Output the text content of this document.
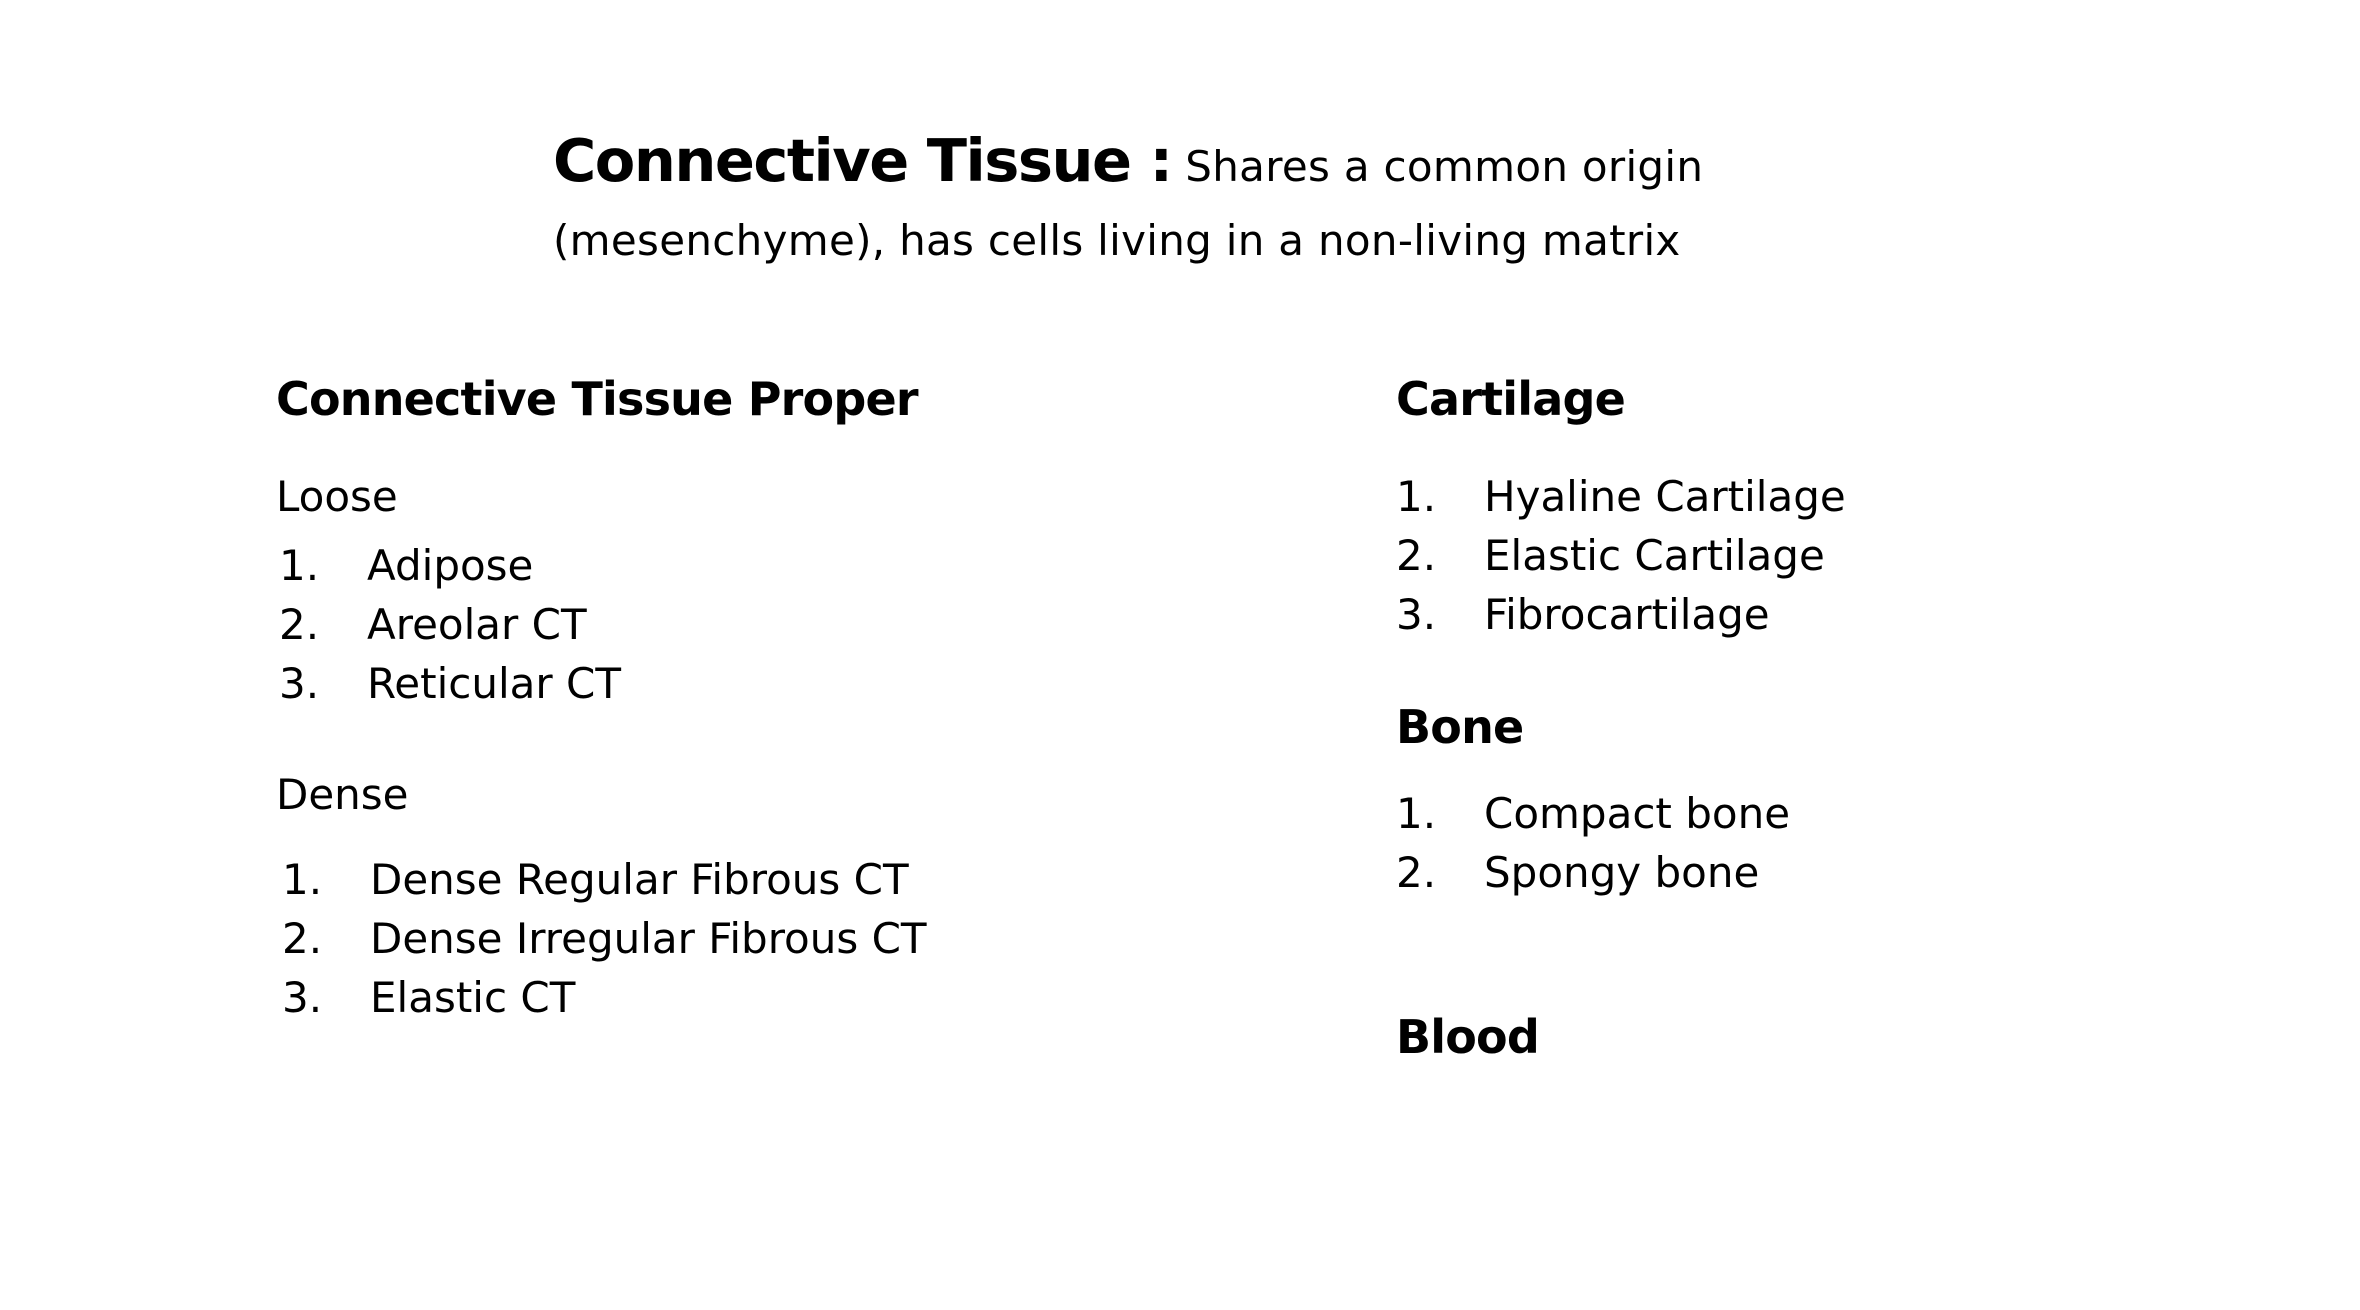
Connective Tissue : Shares a common origin
(mesenchyme), has cells living in a non-living matrix
Connective Tissue Proper
Loose
1. Adipose
2. Areolar CT
3. Reticular CT
Dense
1. Dense Regular Fibrous CT
2. Dense Irregular Fibrous CT
3. Elastic CT
Cartilage
1. Hyaline Cartilage
2. Elastic Cartilage
3. Fibrocartilage
Bone
1. Compact bone
2. Spongy bone
Blood
